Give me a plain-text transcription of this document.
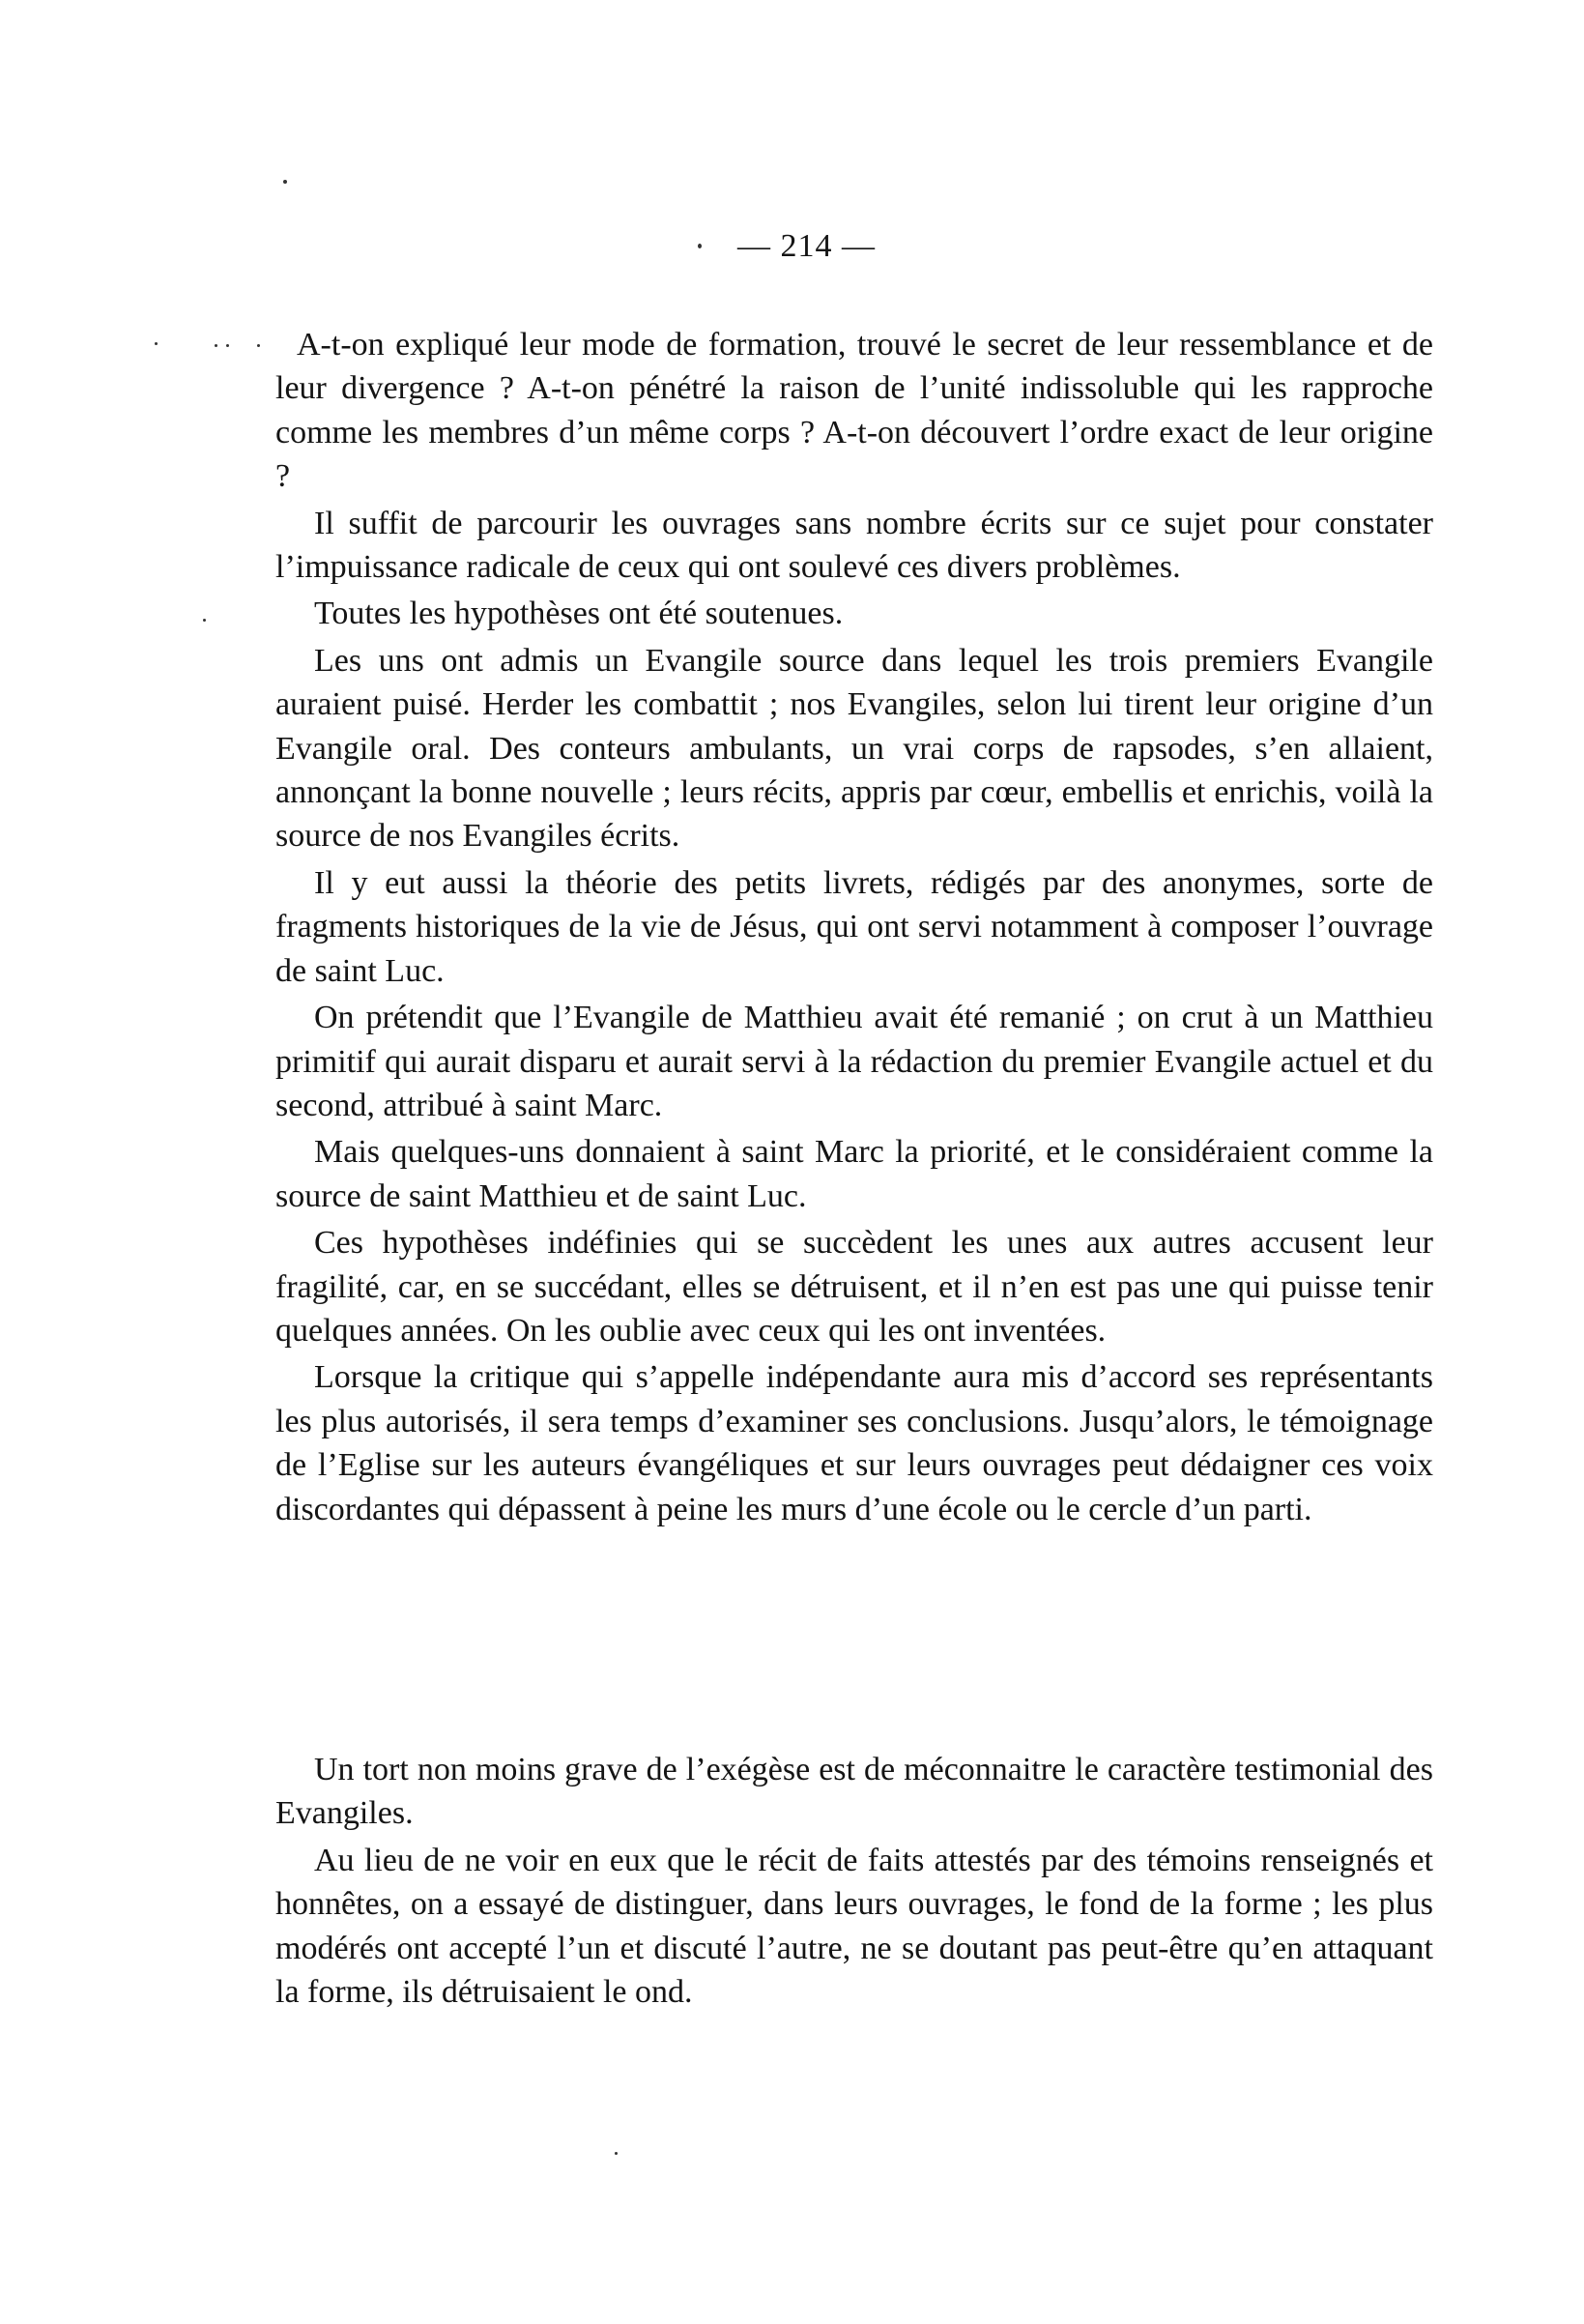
— 214 —

A-t-on expliqué leur mode de formation, trouvé le secret de leur ressemblance et de leur divergence ? A-t-on pénétré la raison de l’unité indissoluble qui les rapproche comme les membres d’un même corps ? A-t-on découvert l’ordre exact de leur origine ?

Il suffit de parcourir les ouvrages sans nombre écrits sur ce sujet pour constater l’impuissance radicale de ceux qui ont soulevé ces divers problèmes.

Toutes les hypothèses ont été soutenues.

Les uns ont admis un Evangile source dans lequel les trois premiers Evangile auraient puisé. Herder les combattit ; nos Evangiles, selon lui tirent leur origine d’un Evangile oral. Des conteurs ambulants, un vrai corps de rapsodes, s’en allaient, annonçant la bonne nouvelle ; leurs récits, appris par cœur, embellis et enrichis, voilà la source de nos Evangiles écrits.

Il y eut aussi la théorie des petits livrets, rédigés par des anonymes, sorte de fragments historiques de la vie de Jésus, qui ont servi notamment à composer l’ouvrage de saint Luc.

On prétendit que l’Evangile de Matthieu avait été remanié ; on crut à un Matthieu primitif qui aurait disparu et aurait servi à la rédaction du premier Evangile actuel et du second, attribué à saint Marc.

Mais quelques-uns donnaient à saint Marc la priorité, et le considéraient comme la source de saint Matthieu et de saint Luc.

Ces hypothèses indéfinies qui se succèdent les unes aux autres accusent leur fragilité, car, en se succédant, elles se détruisent, et il n’en est pas une qui puisse tenir quelques années. On les oublie avec ceux qui les ont inventées.

Lorsque la critique qui s’appelle indépendante aura mis d’accord ses représentants les plus autorisés, il sera temps d’examiner ses conclusions. Jusqu’alors, le témoignage de l’Eglise sur les auteurs évangéliques et sur leurs ouvrages peut dédaigner ces voix discordantes qui dépassent à peine les murs d’une école ou le cercle d’un parti.

Un tort non moins grave de l’exégèse est de méconnaitre le caractère testimonial des Evangiles.

Au lieu de ne voir en eux que le récit de faits attestés par des témoins renseignés et honnêtes, on a essayé de distinguer, dans leurs ouvrages, le fond de la forme ; les plus modérés ont accepté l’un et discuté l’autre, ne se doutant pas peut-être qu’en attaquant la forme, ils détruisaient le ond.
